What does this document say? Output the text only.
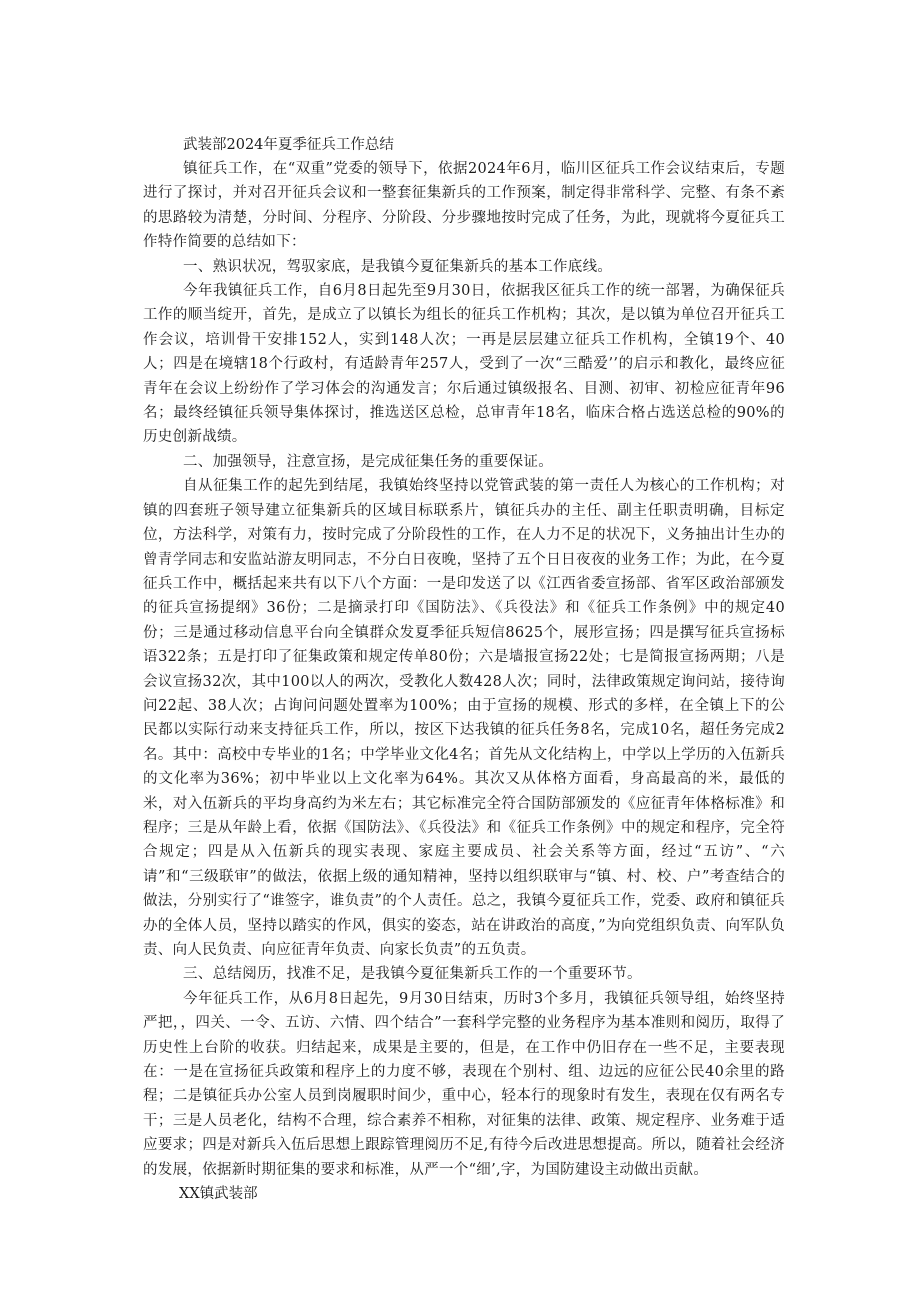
武装部2024年夏季征兵工作总结

镇征兵工作，在“双重”党委的领导下，依据2024年6月，临川区征兵工作会议结束后，专题进行了探讨，并对召开征兵会议和一整套征集新兵的工作预案，制定得非常科学、完整、有条不紊的思路较为清楚，分时间、分程序、分阶段、分步骤地按时完成了任务，为此，现就将今夏征兵工作特作简要的总结如下：

一、熟识状况，驾驭家底，是我镇今夏征集新兵的基本工作底线。

今年我镇征兵工作，自6月8日起先至9月30日，依据我区征兵工作的统一部署，为确保征兵工作的顺当绽开，首先，是成立了以镇长为组长的征兵工作机构；其次，是以镇为单位召开征兵工作会议，培训骨干安排152人，实到148人次；一再是层层建立征兵工作机构，全镇19个、40人；四是在境辖18个行政村，有适龄青年257人，受到了一次“三酷爱’’的启示和教化，最终应征青年在会议上纷纷作了学习体会的沟通发言；尔后通过镇级报名、目测、初审、初检应征青年96名；最终经镇征兵领导集体探讨，推选送区总检，总审青年18名，临床合格占选送总检的90%的历史创新战绩。

二、加强领导，注意宣扬，是完成征集任务的重要保证。

自从征集工作的起先到结尾，我镇始终坚持以党管武装的第一责任人为核心的工作机构；对镇的四套班子领导建立征集新兵的区域目标联系片，镇征兵办的主任、副主任职责明确，目标定位，方法科学，对策有力，按时完成了分阶段性的工作，在人力不足的状况下，义务抽出计生办的曾青学同志和安监站游友明同志，不分白日夜晚，坚持了五个日日夜夜的业务工作；为此，在今夏征兵工作中，概括起来共有以下八个方面：一是印发送了以《江西省委宣扬部、省军区政治部颁发的征兵宣扬提纲》36份；二是摘录打印《国防法》、《兵役法》和《征兵工作条例》中的规定40份；三是通过移动信息平台向全镇群众发夏季征兵短信8625个，展形宣扬；四是撰写征兵宣扬标语322条；五是打印了征集政策和规定传单80份；六是墙报宣扬22处；七是简报宣扬两期；八是会议宣扬32次，其中100以人的两次，受教化人数428人次；同时，法律政策规定询问站，接待询问22起、38人次；占询问问题处置率为100%；由于宣扬的规模、形式的多样，在全镇上下的公民都以实际行动来支持征兵工作，所以，按区下达我镇的征兵任务8名，完成10名，超任务完成2名。其中：高校中专毕业的1名；中学毕业文化4名；首先从文化结构上，中学以上学历的入伍新兵的文化率为36%；初中毕业以上文化率为64%。其次又从体格方面看，身高最高的米，最低的米，对入伍新兵的平均身高约为米左右；其它标准完全符合国防部颁发的《应征青年体格标准》和程序；三是从年龄上看，依据《国防法》、《兵役法》和《征兵工作条例》中的规定和程序，完全符合规定；四是从入伍新兵的现实表现、家庭主要成员、社会关系等方面，经过“五访”、“六请”和“三级联审”的做法，依据上级的通知精神，坚持以组织联审与“镇、村、校、户”考查结合的做法，分别实行了“谁签字，谁负责”的个人责任。总之，我镇今夏征兵工作，党委、政府和镇征兵办的全体人员，坚持以踏实的作风，俱实的姿态，站在讲政治的高度，”为向党组织负责、向军队负责、向人民负责、向应征青年负责、向家长负责”的五负责。

三、总结阅历，找准不足，是我镇今夏征集新兵工作的一个重要环节。

今年征兵工作，从6月8日起先，9月30日结束，历时3个多月，我镇征兵领导组，始终坚持严把，，四关、一令、五访、六情、四个结合”一套科学完整的业务程序为基本准则和阅历，取得了历史性上台阶的收获。归结起来，成果是主要的，但是，在工作中仍旧存在一些不足，主要表现在：一是在宣扬征兵政策和程序上的力度不够，表现在个别村、组、边远的应征公民40余里的路程；二是镇征兵办公室人员到岗履职时间少，重中心，轻本行的现象时有发生，表现在仅有两名专干；三是人员老化，结构不合理，综合素养不相称，对征集的法律、政策、规定程序、业务难于适应要求；四是对新兵入伍后思想上跟踪管理阅历不足,有待今后改进思想提高。所以，随着社会经济的发展，依据新时期征集的要求和标准，从严一个“细’,字，为国防建设主动做出贡献。

XX镇武装部
